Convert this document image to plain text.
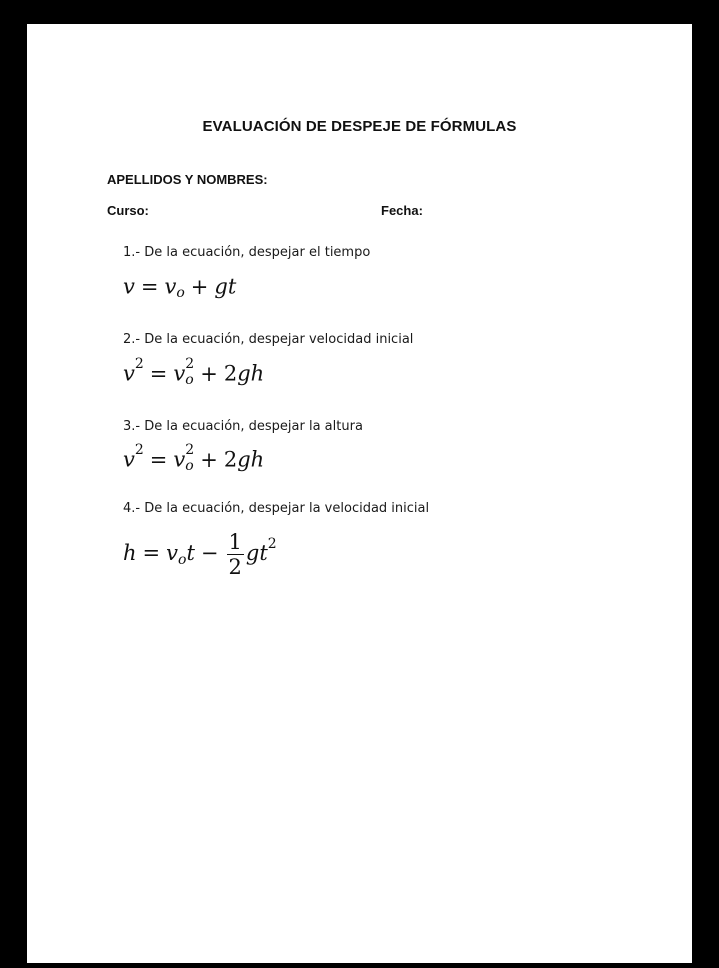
EVALUACIÓN DE DESPEJE DE FÓRMULAS
APELLIDOS Y NOMBRES:
Curso:	Fecha:
1.- De la ecuación, despejar el tiempo
v = v o + gt
2.- De la ecuación, despejar velocidad inicial
v 2 = v 2
o + 2gh
3.- De la ecuación, despejar la altura
v 2 = v 2
o + 2gh
4.- De la ecuación, despejar la velocidad inicial
h = v o $t - \frac{1}{2}$ gt 2
